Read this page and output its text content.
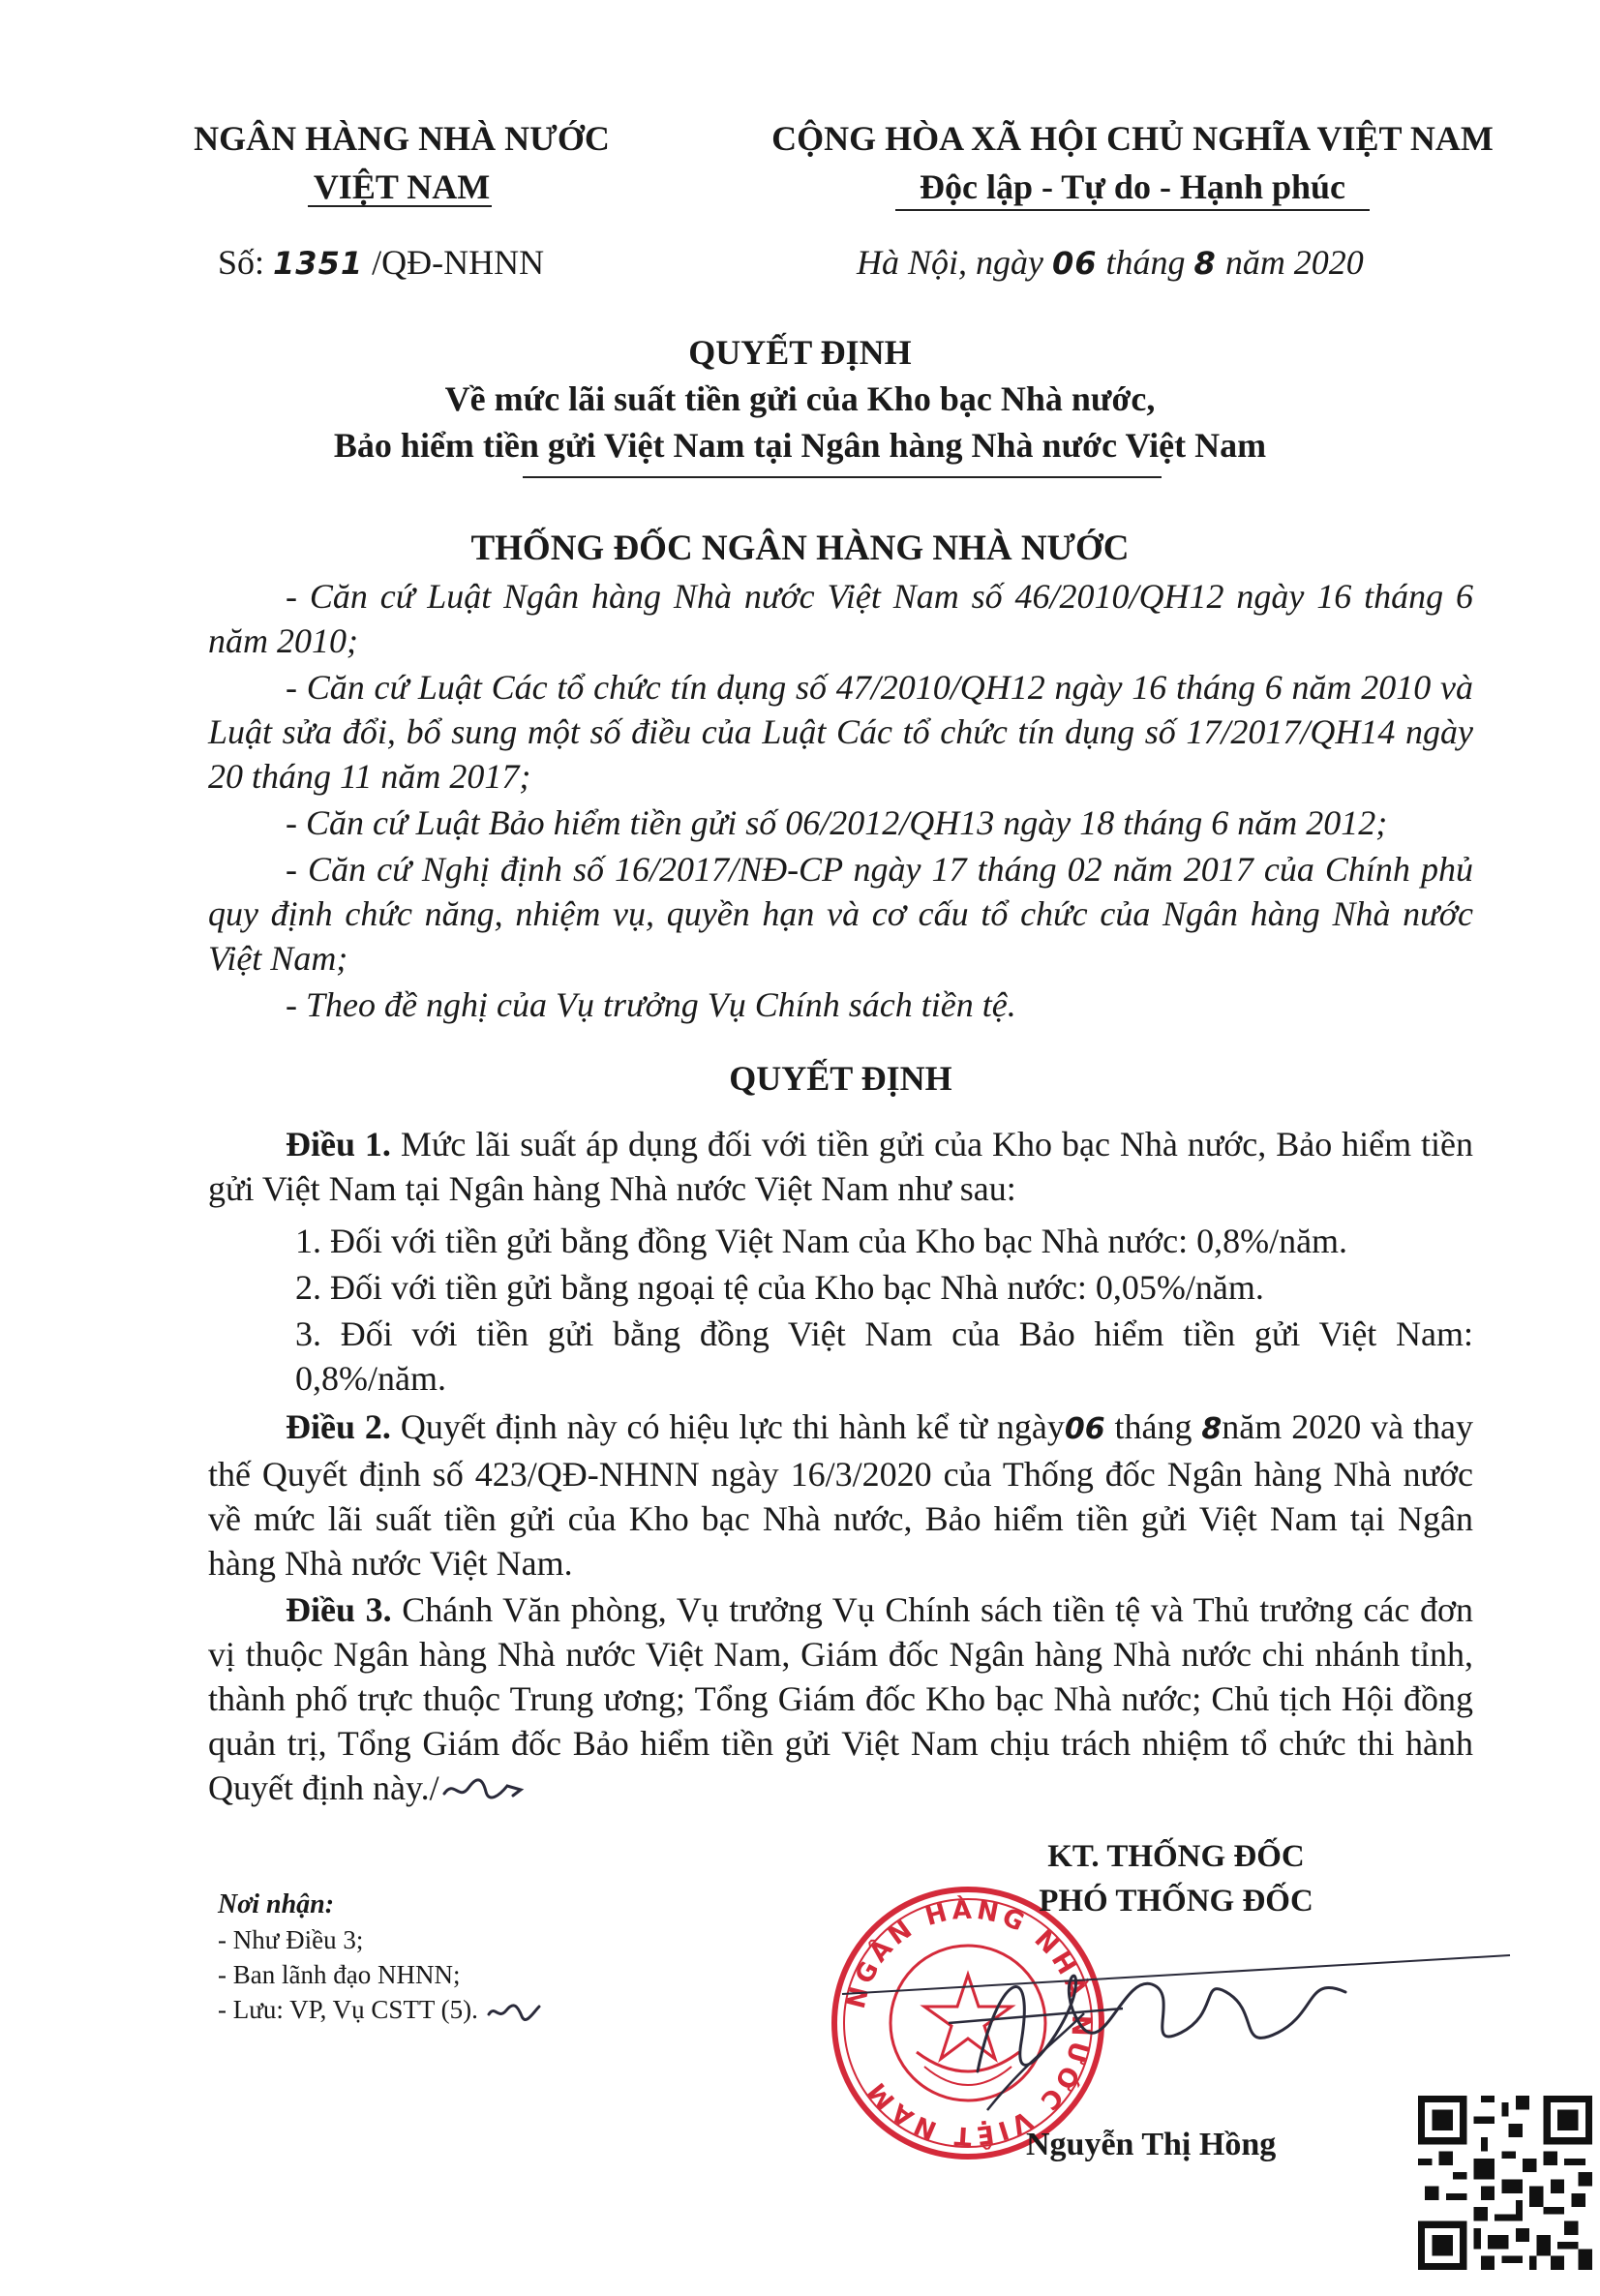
NGÂN HÀNG NHÀ NƯỚC
VIỆT NAM
CỘNG HÒA XÃ HỘI CHỦ NGHĨA VIỆT NAM
Độc lập - Tự do - Hạnh phúc
Số: 1351 /QĐ-NHNN	Hà Nội, ngày 06 tháng 8 năm 2020
QUYẾT ĐỊNH
Về mức lãi suất tiền gửi của Kho bạc Nhà nước,
Bảo hiểm tiền gửi Việt Nam tại Ngân hàng Nhà nước Việt Nam
THỐNG ĐỐC NGÂN HÀNG NHÀ NƯỚC

- Căn cứ Luật Ngân hàng Nhà nước Việt Nam số 46/2010/QH12 ngày 16 tháng 6 năm 2010;

- Căn cứ Luật Các tổ chức tín dụng số 47/2010/QH12 ngày 16 tháng 6 năm 2010 và Luật sửa đổi, bổ sung một số điều của Luật Các tổ chức tín dụng số 17/2017/QH14 ngày 20 tháng 11 năm 2017;

- Căn cứ Luật Bảo hiểm tiền gửi số 06/2012/QH13 ngày 18 tháng 6 năm 2012;

- Căn cứ Nghị định số 16/2017/NĐ-CP ngày 17 tháng 02 năm 2017 của Chính phủ quy định chức năng, nhiệm vụ, quyền hạn và cơ cấu tổ chức của Ngân hàng Nhà nước Việt Nam;

- Theo đề nghị của Vụ trưởng Vụ Chính sách tiền tệ.

QUYẾT ĐỊNH

Điều 1. Mức lãi suất áp dụng đối với tiền gửi của Kho bạc Nhà nước, Bảo hiểm tiền gửi Việt Nam tại Ngân hàng Nhà nước Việt Nam như sau:

1. Đối với tiền gửi bằng đồng Việt Nam của Kho bạc Nhà nước: 0,8%/năm.

2. Đối với tiền gửi bằng ngoại tệ của Kho bạc Nhà nước: 0,05%/năm.

3. Đối với tiền gửi bằng đồng Việt Nam của Bảo hiểm tiền gửi Việt Nam: 0,8%/năm.

Điều 2. Quyết định này có hiệu lực thi hành kể từ ngày06 tháng 8năm 2020 và thay thế Quyết định số 423/QĐ-NHNN ngày 16/3/2020 của Thống đốc Ngân hàng Nhà nước về mức lãi suất tiền gửi của Kho bạc Nhà nước, Bảo hiểm tiền gửi Việt Nam tại Ngân hàng Nhà nước Việt Nam.

Điều 3. Chánh Văn phòng, Vụ trưởng Vụ Chính sách tiền tệ và Thủ trưởng các đơn vị thuộc Ngân hàng Nhà nước Việt Nam, Giám đốc Ngân hàng Nhà nước chi nhánh tỉnh, thành phố trực thuộc Trung ương; Tổng Giám đốc Kho bạc Nhà nước; Chủ tịch Hội đồng quản trị, Tổng Giám đốc Bảo hiểm tiền gửi Việt Nam chịu trách nhiệm tổ chức thi hành Quyết định này./

Nơi nhận:
- Như Điều 3;
- Ban lãnh đạo NHNN;
- Lưu: VP, Vụ CSTT (5).	NGÂN HÀNG NHÀ NƯỚC VIỆT NAM
KT. THỐNG ĐỐC
PHÓ THỐNG ĐỐC
Nguyễn Thị Hồng
